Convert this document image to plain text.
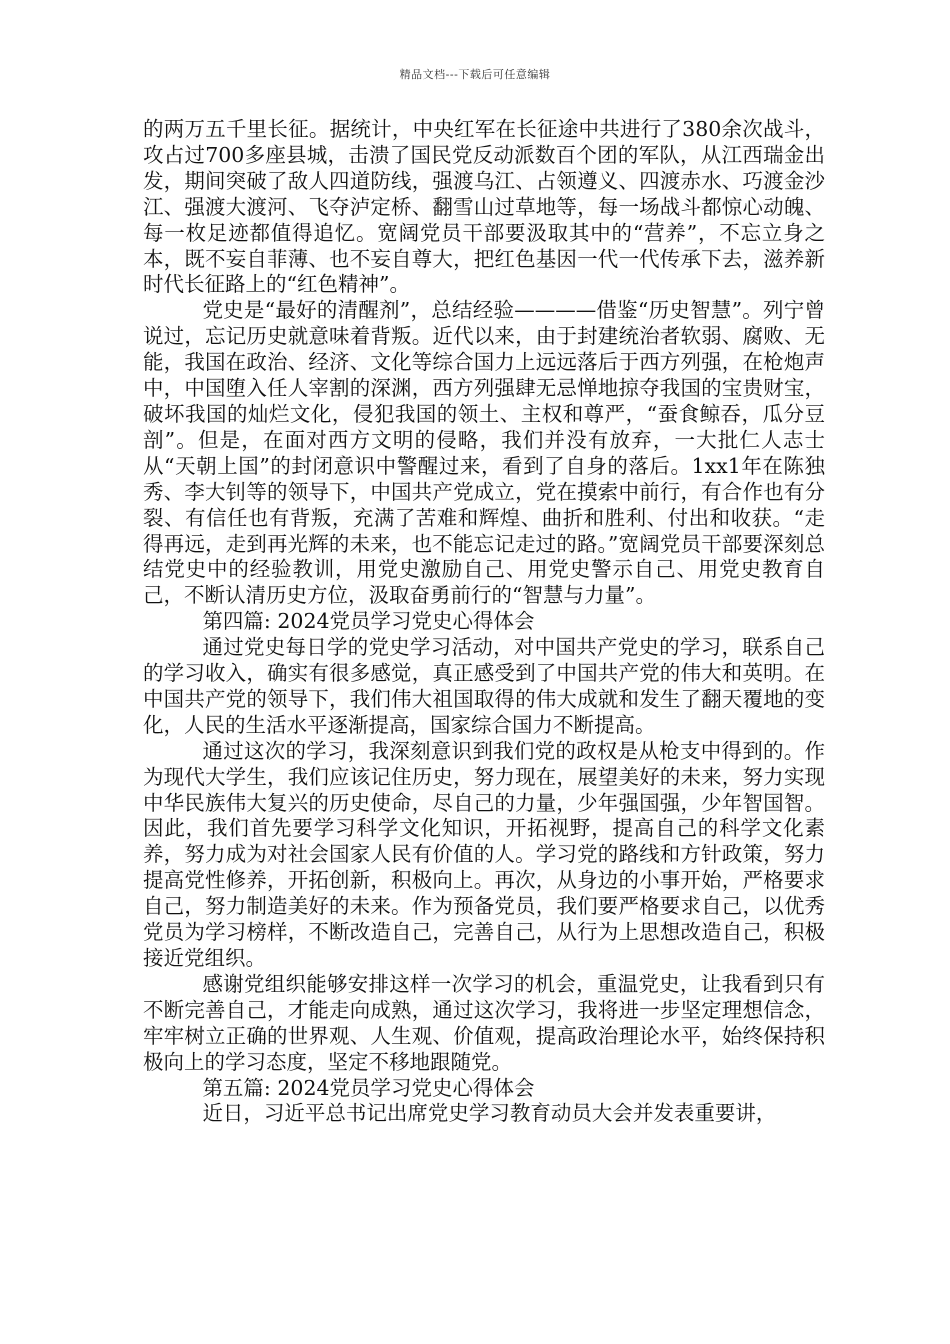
精品文档---下载后可任意编辑

的两万五千里长征。据统计，中央红军在长征途中共进行了380余次战斗，攻占过700多座县城，击溃了国民党反动派数百个团的军队，从江西瑞金出发，期间突破了敌人四道防线，强渡乌江、占领遵义、四渡赤水、巧渡金沙江、强渡大渡河、飞夺泸定桥、翻雪山过草地等，每一场战斗都惊心动魄、每一枚足迹都值得追忆。宽阔党员干部要汲取其中的“营养”，不忘立身之本，既不妄自菲薄、也不妄自尊大，把红色基因一代一代传承下去，滋养新时代长征路上的“红色精神”。

党史是“最好的清醒剂”，总结经验————借鉴“历史智慧”。列宁曾说过，忘记历史就意味着背叛。近代以来，由于封建统治者软弱、腐败、无能，我国在政治、经济、文化等综合国力上远远落后于西方列强，在枪炮声中，中国堕入任人宰割的深渊，西方列强肆无忌惮地掠夺我国的宝贵财宝，破坏我国的灿烂文化，侵犯我国的领土、主权和尊严，“蚕食鲸吞，瓜分豆剖”。但是，在面对西方文明的侵略，我们并没有放弃，一大批仁人志士从“天朝上国”的封闭意识中警醒过来，看到了自身的落后。1xx1年在陈独秀、李大钊等的领导下，中国共产党成立，党在摸索中前行，有合作也有分裂、有信任也有背叛，充满了苦难和辉煌、曲折和胜利、付出和收获。“走得再远，走到再光辉的未来，也不能忘记走过的路。”宽阔党员干部要深刻总结党史中的经验教训，用党史激励自己、用党史警示自己、用党史教育自己，不断认清历史方位，汲取奋勇前行的“智慧与力量”。

第四篇: 2024党员学习党史心得体会

通过党史每日学的党史学习活动，对中国共产党史的学习，联系自己的学习收入，确实有很多感觉，真正感受到了中国共产党的伟大和英明。在中国共产党的领导下，我们伟大祖国取得的伟大成就和发生了翻天覆地的变化，人民的生活水平逐渐提高，国家综合国力不断提高。

通过这次的学习，我深刻意识到我们党的政权是从枪支中得到的。作为现代大学生，我们应该记住历史，努力现在，展望美好的未来，努力实现中华民族伟大复兴的历史使命，尽自己的力量，少年强国强，少年智国智。因此，我们首先要学习科学文化知识，开拓视野，提高自己的科学文化素养，努力成为对社会国家人民有价值的人。学习党的路线和方针政策，努力提高党性修养，开拓创新，积极向上。再次，从身边的小事开始，严格要求自己，努力制造美好的未来。作为预备党员，我们要严格要求自己，以优秀党员为学习榜样，不断改造自己，完善自己，从行为上思想改造自己，积极接近党组织。

感谢党组织能够安排这样一次学习的机会，重温党史，让我看到只有不断完善自己，才能走向成熟，通过这次学习，我将进一步坚定理想信念，牢牢树立正确的世界观、人生观、价值观，提高政治理论水平，始终保持积极向上的学习态度，坚定不移地跟随党。

第五篇: 2024党员学习党史心得体会

近日，习近平总书记出席党史学习教育动员大会并发表重要讲，
